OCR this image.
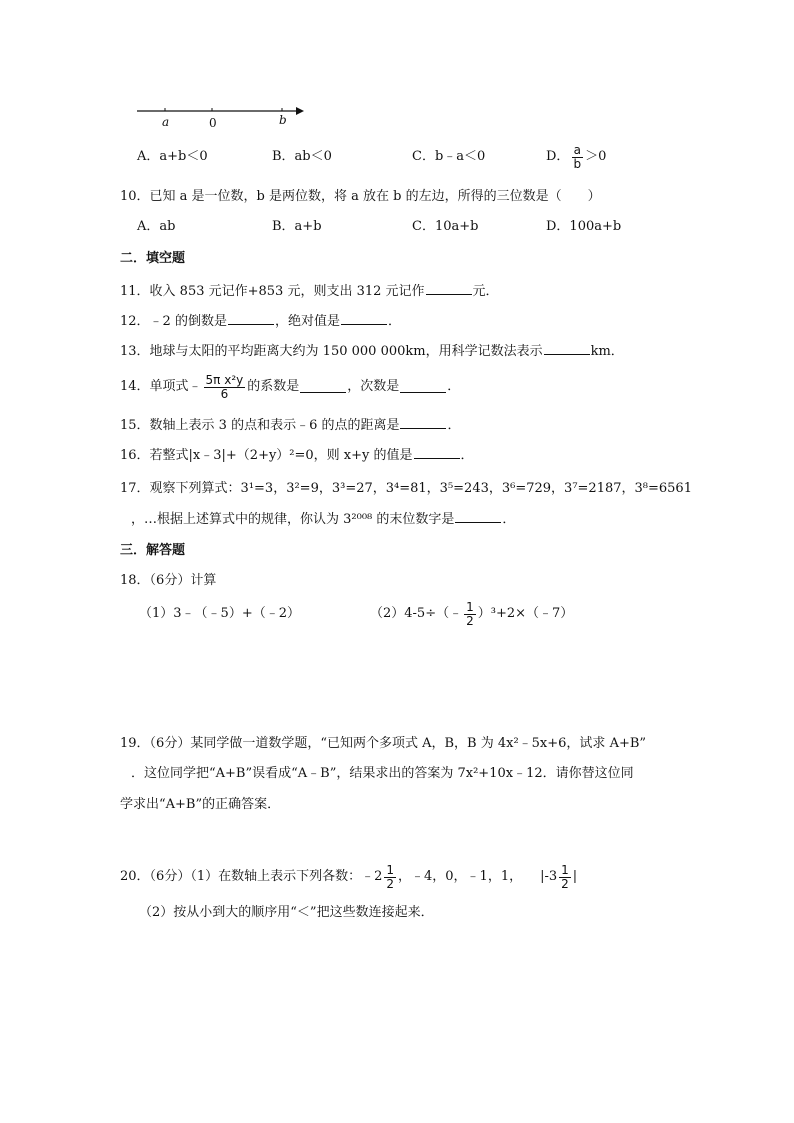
a	0	b
A．a+b＜0	B．ab＜0	C．b﹣a＜0	D． $\frac{a}{b} >0$
10．已知 a 是一位数，b 是两位数，将 a 放在 b 的左边，所得的三位数是（　　）
A．ab	B．a+b	C．10a+b	D．100a+b
二．填空题
11．收入 853 元记作+853 元，则支出 312 元记作	元．
12．﹣2 的倒数是	，绝对值是	．
13．地球与太阳的平均距离大约为 150 000 000km，用科学记数法表示	km．
14．单项式﹣ $\frac{\text{5π x²y}}{6}$ 的系数是	，次数是	．
15．数轴上表示 3 的点和表示﹣6 的点的距离是	．
16．若整式|x﹣3|+（2+y）²=0，则 x+y 的值是	．
17．观察下列算式：3¹=3，3²=9，3³=27，3⁴=81，3⁵=243，3⁶=729，3⁷=2187，3⁸=6561
，…根据上述算式中的规律，你认为 3²⁰⁰⁸ 的末位数字是	．
三．解答题
18．（6分）计算
（1）3﹣（﹣5）+（﹣2）	（2）4-5÷（﹣ $\frac{1}{2}$ ）³+2×（﹣7）
19．（6分）某同学做一道数学题，“已知两个多项式 A，B，B 为 4x²﹣5x+6，试求 A+B”
．这位同学把“A+B”误看成“A﹣B”，结果求出的答案为 7x²+10x﹣12．请你替这位同
学求出“A+B”的正确答案．
20．（6分）（1）在数轴上表示下列各数：﹣2 $\frac{1}{2}$ ，﹣4，0，﹣1，1， $|-3 \frac{1}{2}$ |
（2）按从小到大的顺序用“＜”把这些数连接起来．
